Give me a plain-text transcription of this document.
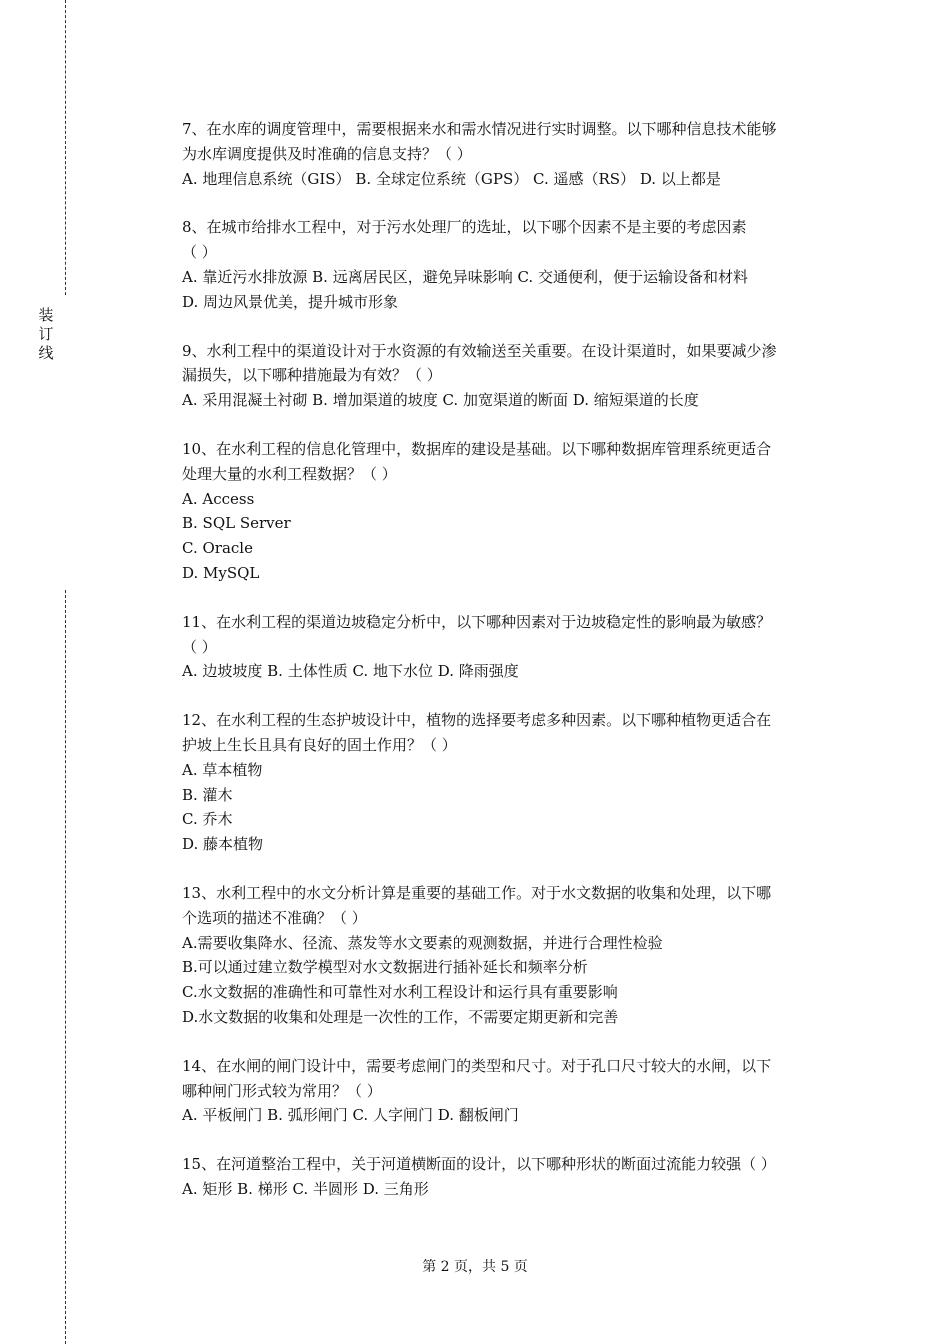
装
订
线
7、在水库的调度管理中，需要根据来水和需水情况进行实时调整。以下哪种信息技术能够
为水库调度提供及时准确的信息支持？（ ）
A. 地理信息系统（GIS） B. 全球定位系统（GPS） C. 遥感（RS） D. 以上都是
8、在城市给排水工程中，对于污水处理厂的选址，以下哪个因素不是主要的考虑因素
（ ）
A. 靠近污水排放源 B. 远离居民区，避免异味影响 C. 交通便利，便于运输设备和材料
D. 周边风景优美，提升城市形象
9、水利工程中的渠道设计对于水资源的有效输送至关重要。在设计渠道时，如果要减少渗
漏损失，以下哪种措施最为有效？（ ）
A. 采用混凝土衬砌 B. 增加渠道的坡度 C. 加宽渠道的断面 D. 缩短渠道的长度
10、在水利工程的信息化管理中，数据库的建设是基础。以下哪种数据库管理系统更适合
处理大量的水利工程数据？（ ）
A. Access
B. SQL Server
C. Oracle
D. MySQL
11、在水利工程的渠道边坡稳定分析中，以下哪种因素对于边坡稳定性的影响最为敏感？
（ ）
A. 边坡坡度 B. 土体性质 C. 地下水位 D. 降雨强度
12、在水利工程的生态护坡设计中，植物的选择要考虑多种因素。以下哪种植物更适合在
护坡上生长且具有良好的固土作用？（ ）
A. 草本植物
B. 灌木
C. 乔木
D. 藤本植物
13、水利工程中的水文分析计算是重要的基础工作。对于水文数据的收集和处理，以下哪
个选项的描述不准确？（ ）
A.需要收集降水、径流、蒸发等水文要素的观测数据，并进行合理性检验
B.可以通过建立数学模型对水文数据进行插补延长和频率分析
C.水文数据的准确性和可靠性对水利工程设计和运行具有重要影响
D.水文数据的收集和处理是一次性的工作，不需要定期更新和完善
14、在水闸的闸门设计中，需要考虑闸门的类型和尺寸。对于孔口尺寸较大的水闸，以下
哪种闸门形式较为常用？（ ）
A. 平板闸门 B. 弧形闸门 C. 人字闸门 D. 翻板闸门
15、在河道整治工程中，关于河道横断面的设计，以下哪种形状的断面过流能力较强（ ）
A. 矩形 B. 梯形 C. 半圆形 D. 三角形
第 2 页，共 5 页
